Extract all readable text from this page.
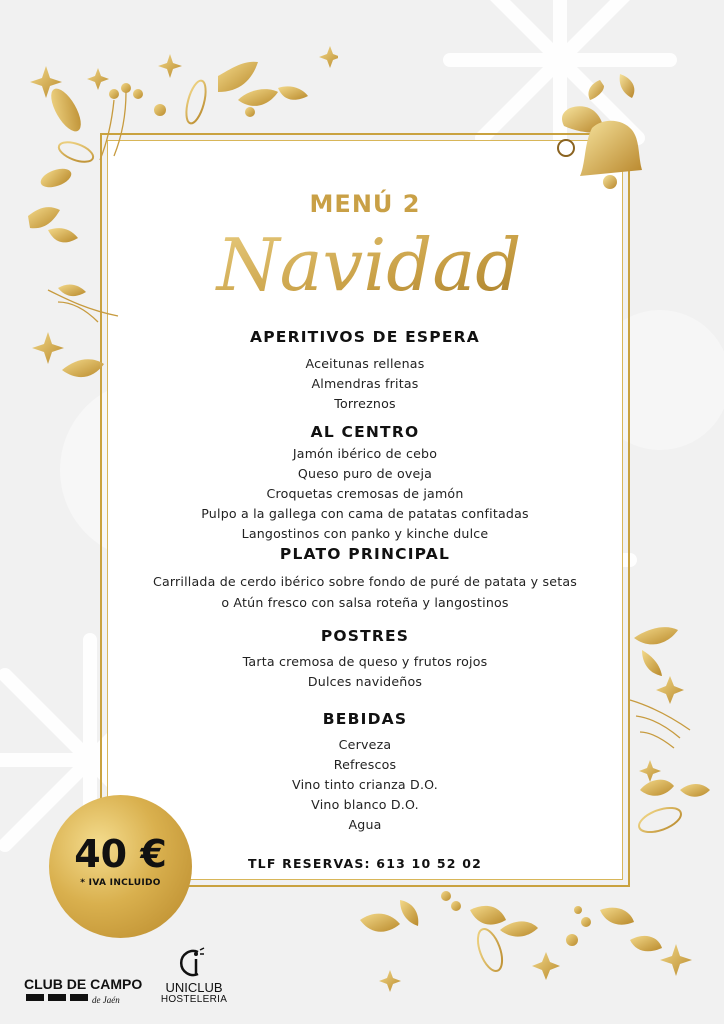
MENÚ 2
Navidad
APERITIVOS DE ESPERA
Aceitunas rellenas
Almendras fritas
Torreznos
AL CENTRO
Jamón ibérico de cebo
Queso puro de oveja
Croquetas cremosas de jamón
Pulpo a la gallega con cama de patatas confitadas
Langostinos con panko y kinche dulce
PLATO PRINCIPAL
Carrillada de cerdo ibérico sobre fondo de puré de patata y setas
o Atún fresco con salsa roteña y langostinos
POSTRES
Tarta cremosa de queso y frutos rojos
Dulces navideños
BEBIDAS
Cerveza
Refrescos
Vino tinto crianza D.O.
Vino blanco D.O.
Agua
TLF RESERVAS: 613 10 52 02
40 €
* IVA INCLUIDO
CLUB DE CAMPO
de Jaén
UNICLUB
HOSTELERIA
